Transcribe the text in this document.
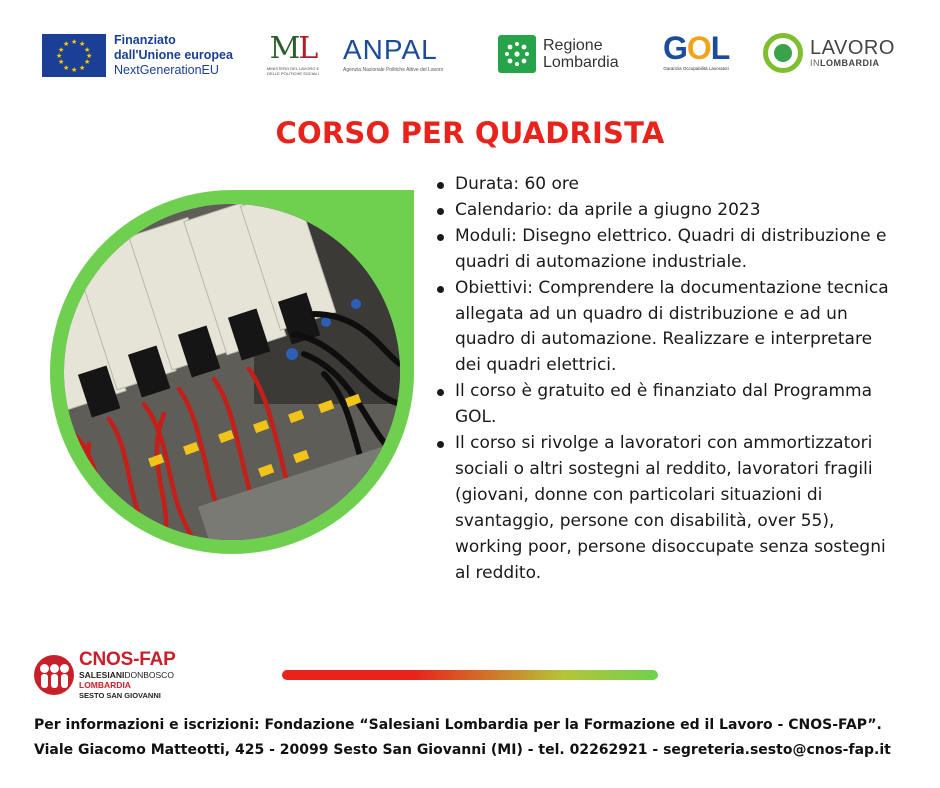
★ ★
★
★
★
★
★
★
★
★
★
★	Finanziato
dall'Unione europea
NextGenerationEU
ML
MINISTERO DEL LAVORO E DELLE POLITICHE SOCIALI
ANPAL
Agenzia Nazionale Politiche Attive del Lavoro
Regione
Lombardia GOL
Garanzia Occupabilità Lavoratori
LAVORO
INLOMBARDIA
CORSO PER QUADRISTA
Durata: 60 ore
Calendario: da aprile a giugno 2023
Moduli: Disegno elettrico. Quadri di distribuzione e quadri di automazione industriale.
Obiettivi: Comprendere la documentazione tecnica allegata ad un quadro di distribuzione e ad un quadro di automazione. Realizzare e interpretare dei quadri elettrici.
Il corso è gratuito ed è finanziato dal Programma GOL.
Il corso si rivolge a lavoratori con ammortizzatori sociali o altri sostegni al reddito, lavoratori fragili (giovani, donne con particolari situazioni di svantaggio, persone con disabilità, over 55), working poor, persone disoccupate senza sostegni al reddito.
CNOS-FAP
SALESIANIDONBOSCO
LOMBARDIA
SESTO SAN GIOVANNI
Per informazioni e iscrizioni: Fondazione “Salesiani Lombardia per la Formazione ed il Lavoro - CNOS-FAP”.
Viale Giacomo Matteotti, 425 - 20099 Sesto San Giovanni (MI) - tel. 02262921 - segreteria.sesto@cnos-fap.it
